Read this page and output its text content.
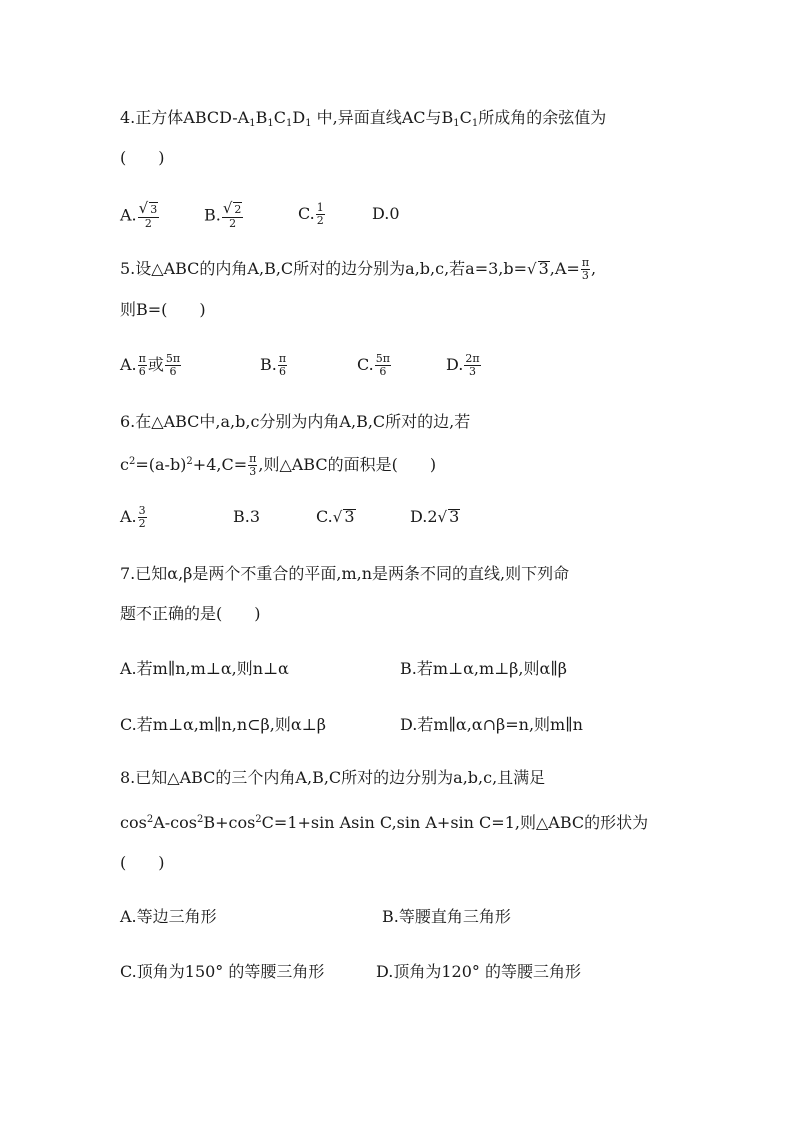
4.正方体ABCD-$A_1B_1C_1D_1$ 中,异面直线AC与$B_1C_1$所成角的余弦值为
(　　)
A. $\frac{√ 3}{2}$	B. $\frac{√ 2}{2}$	C. $\frac{1}{2}$	D.0
5.设△ABC的内角A,B,C所对的边分别为a,b,c,若a=3,b=√ $3,A= \frac{\pi}{3}$ ,
则B=(　　)
A. $\frac{\pi}{6}$ 或 $\frac{5\pi}{6}$	B. $\frac{\pi}{6}$	C. $\frac{5\pi}{6}$	D. $\frac{2\pi}{3}$
6.在△ABC中,a,b,c分别为内角A,B,C所对的边,若
$c^2=(a-b)^2+4,C= \frac{\pi}{3}$ ,则△ABC的面积是(　　)
A. $\frac{3}{2}$	B.3	C.√ 3	D.2√ 3
7.已知α,β是两个不重合的平面,m,n是两条不同的直线,则下列命
题不正确的是(　　)
A.若m∥n,m⊥α,则n⊥α	B.若m⊥α,m⊥β,则α∥β
C.若m⊥α,m∥n,n⊂β,则α⊥β	D.若m∥α,α∩β=n,则m∥n
8.已知△ABC的三个内角A,B,C所对的边分别为a,b,c,且满足
$\cos^2A-\cos^2B+\cos^2C=1+\sin$ Asin C,sin A+sin C=1,则△ABC的形状为
(　　)
A.等边三角形	B.等腰直角三角形
C.顶角为150° 的等腰三角形	D.顶角为120° 的等腰三角形
